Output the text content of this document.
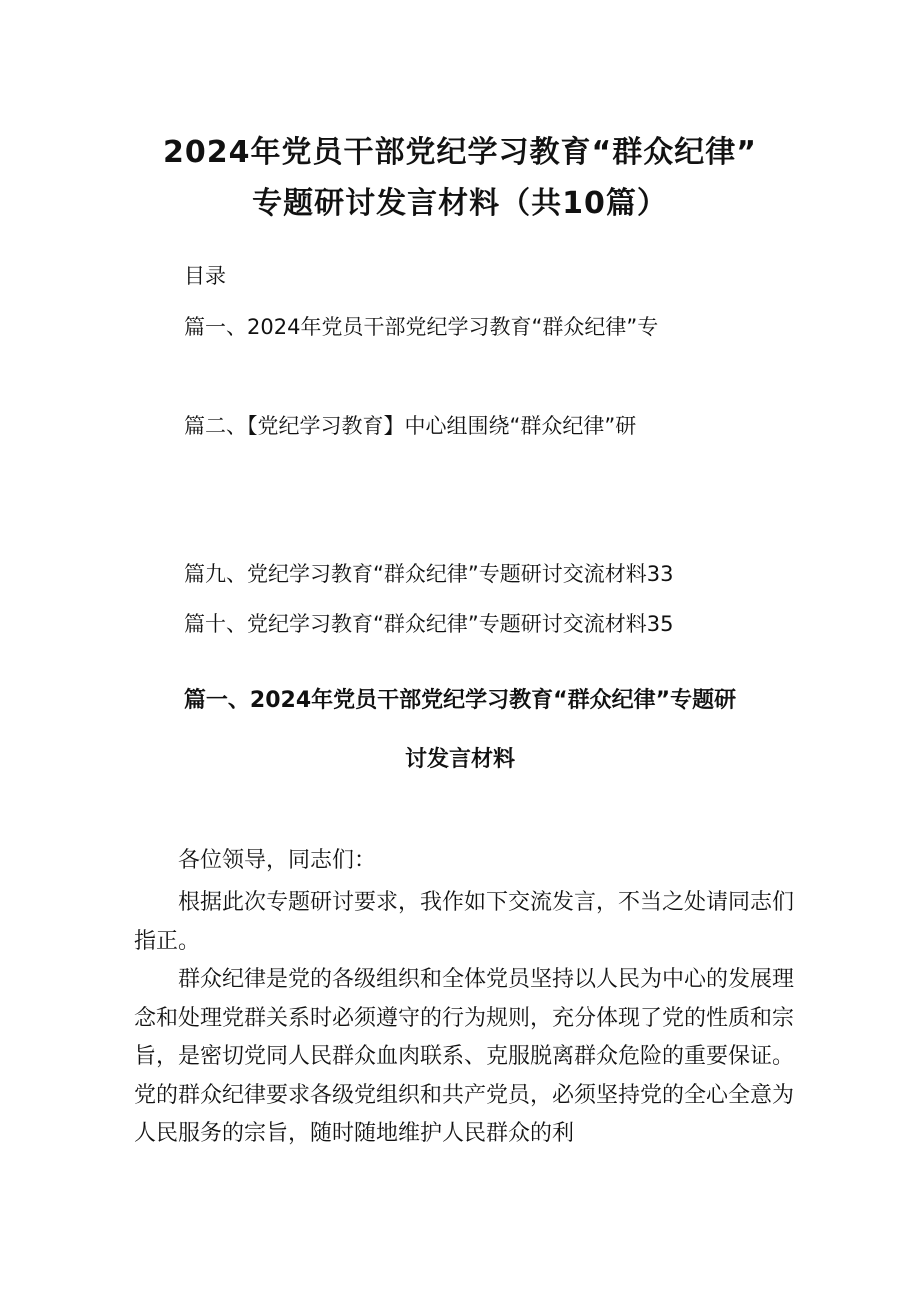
2024年党员干部党纪学习教育“群众纪律”
专题研讨发言材料（共10篇）
目录
篇一、2024年党员干部党纪学习教育“群众纪律”专
篇二、【党纪学习教育】中心组围绕“群众纪律”研
篇九、党纪学习教育“群众纪律”专题研讨交流材料33
篇十、党纪学习教育“群众纪律”专题研讨交流材料35
篇一、2024年党员干部党纪学习教育“群众纪律”专题研
讨发言材料
各位领导，同志们：
根据此次专题研讨要求，我作如下交流发言，不当之处请同志们指正。
群众纪律是党的各级组织和全体党员坚持以人民为中心的发展理念和处理党群关系时必须遵守的行为规则，充分体现了党的性质和宗旨，是密切党同人民群众血肉联系、克服脱离群众危险的重要保证。党的群众纪律要求各级党组织和共产党员，必须坚持党的全心全意为人民服务的宗旨，随时随地维护人民群众的利
